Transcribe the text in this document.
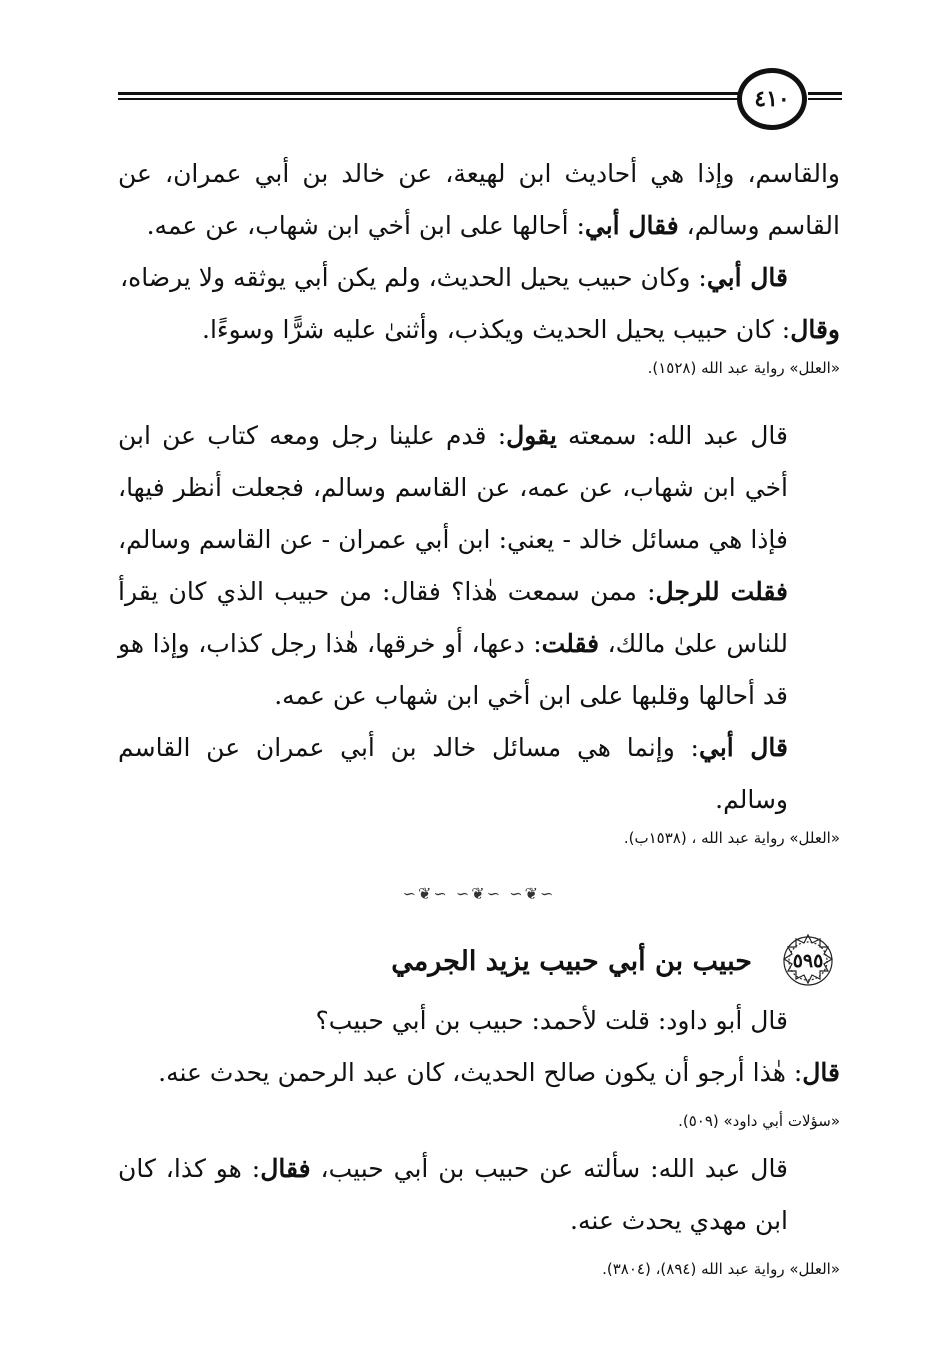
٤١٠

والقاسم، وإذا هي أحاديث ابن لهيعة، عن خالد بن أبي عمران، عن القاسم وسالم، فقال أبي: أحالها على ابن أخي ابن شهاب، عن عمه.

قال أبي: وكان حبيب يحيل الحديث، ولم يكن أبي يوثقه ولا يرضاه،

وقال: كان حبيب يحيل الحديث ويكذب، وأثنىٰ عليه شرًّا وسوءًا.

«العلل» رواية عبد الله (١٥٢٨).

قال عبد الله: سمعته يقول: قدم علينا رجل ومعه كتاب عن ابن أخي ابن شهاب، عن عمه، عن القاسم وسالم، فجعلت أنظر فيها، فإذا هي مسائل خالد - يعني: ابن أبي عمران - عن القاسم وسالم، فقلت للرجل: ممن سمعت هٰذا؟ فقال: من حبيب الذي كان يقرأ للناس علىٰ مالك، فقلت: دعها، أو خرقها، هٰذا رجل كذاب، وإذا هو قد أحالها وقلبها على ابن أخي ابن شهاب عن عمه.

قال أبي: وإنما هي مسائل خالد بن أبي عمران عن القاسم وسالم.

«العلل» رواية عبد الله ، (١٥٣٨ب).

∽❦∽ ∽❦∽ ∽❦∽
٥٩٥
حبيب بن أبي حبيب يزيد الجرمي

قال أبو داود: قلت لأحمد: حبيب بن أبي حبيب؟

قال: هٰذا أرجو أن يكون صالح الحديث، كان عبد الرحمن يحدث عنه.

«سؤلات أبي داود» (٥٠٩).

قال عبد الله: سألته عن حبيب بن أبي حبيب، فقال: هو كذا، كان ابن مهدي يحدث عنه.

«العلل» رواية عبد الله (٨٩٤)، (٣٨٠٤).
